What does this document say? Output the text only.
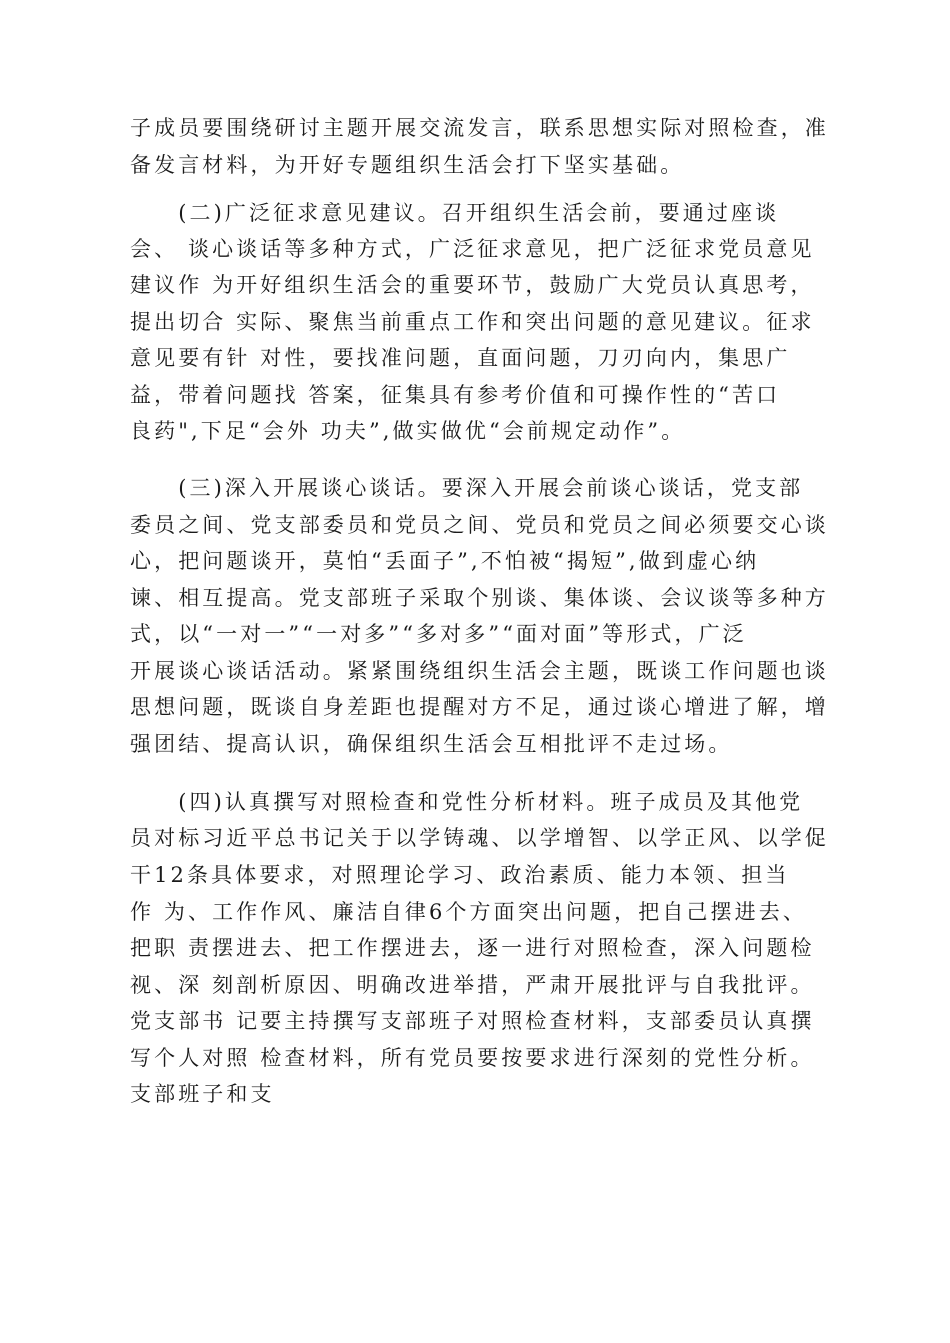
子成员要围绕研讨主题开展交流发言，联系思想实际对照检查，准

备发言材料，为开好专题组织生活会打下坚实基础。

　　(二)广泛征求意见建议。召开组织生活会前，要通过座谈

会、 谈心谈话等多种方式，广泛征求意见，把广泛征求党员意见

建议作 为开好组织生活会的重要环节，鼓励广大党员认真思考，

提出切合 实际、聚焦当前重点工作和突出问题的意见建议。征求

意见要有针 对性，要找准问题，直面问题，刀刃向内，集思广

益，带着问题找 答案，征集具有参考价值和可操作性的“苦口

良药",下足“会外 功夫”,做实做优“会前规定动作”。

　　(三)深入开展谈心谈话。要深入开展会前谈心谈话，党支部

委员之间、党支部委员和党员之间、党员和党员之间必须要交心谈

心，把问题谈开，莫怕“丢面子”,不怕被“揭短”,做到虚心纳

谏、相互提高。党支部班子采取个别谈、集体谈、会议谈等多种方

式，以“一对一”“一对多”“多对多”“面对面”等形式，广泛

开展谈心谈话活动。紧紧围绕组织生活会主题，既谈工作问题也谈

思想问题，既谈自身差距也提醒对方不足，通过谈心增进了解，增

强团结、提高认识，确保组织生活会互相批评不走过场。

　　(四)认真撰写对照检查和党性分析材料。班子成员及其他党

员对标习近平总书记关于以学铸魂、以学增智、以学正风、以学促

干12条具体要求，对照理论学习、政治素质、能力本领、担当

作 为、工作作风、廉洁自律6个方面突出问题，把自己摆进去、

把职 责摆进去、把工作摆进去，逐一进行对照检查，深入问题检

视、深 刻剖析原因、明确改进举措，严肃开展批评与自我批评。

党支部书 记要主持撰写支部班子对照检查材料，支部委员认真撰

写个人对照 检查材料，所有党员要按要求进行深刻的党性分析。

支部班子和支
